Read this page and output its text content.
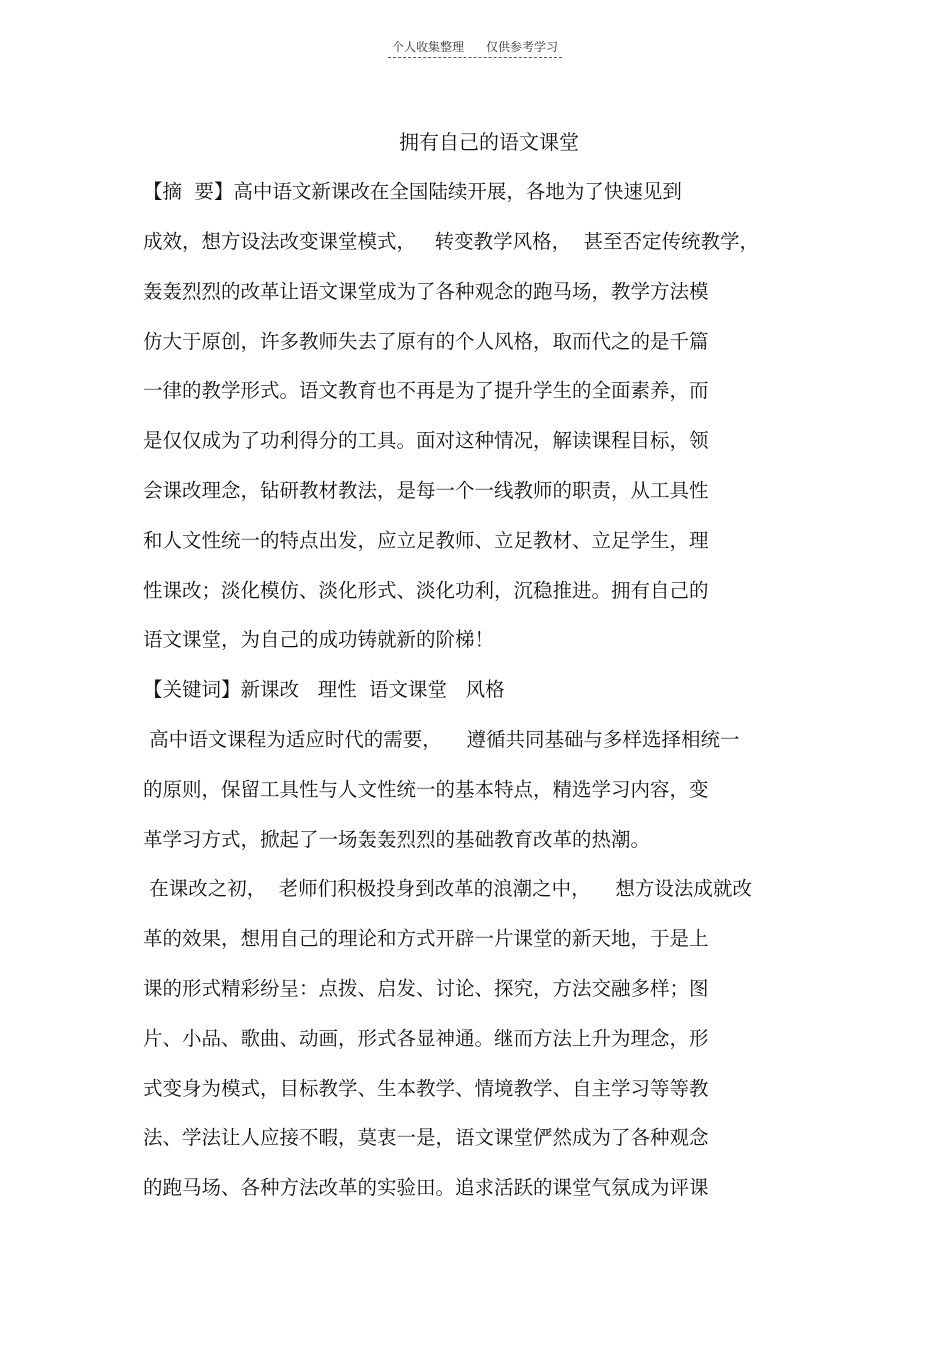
个人收集整理 仅供参考学习
拥有自己的语文课堂
【摘  要】高中语文新课改在全国陆续开展，各地为了快速见到
成效，想方设法改变课堂模式，   转变教学风格，  甚至否定传统教学，
轰轰烈烈的改革让语文课堂成为了各种观念的跑马场，教学方法模
仿大于原创，许多教师失去了原有的个人风格，取而代之的是千篇
一律的教学形式。语文教育也不再是为了提升学生的全面素养，而
是仅仅成为了功利得分的工具。面对这种情况，解读课程目标，领
会课改理念，钻研教材教法，是每一个一线教师的职责，从工具性
和人文性统一的特点出发，应立足教师、立足教材、立足学生，理
性课改；淡化模仿、淡化形式、淡化功利，沉稳推进。拥有自己的
语文课堂，为自己的成功铸就新的阶梯！
【关键词】新课改   理性  语文课堂   风格
高中语文课程为适应时代的需要，    遵循共同基础与多样选择相统一
的原则，保留工具性与人文性统一的基本特点，精选学习内容，变
革学习方式，掀起了一场轰轰烈烈的基础教育改革的热潮。
在课改之初，  老师们积极投身到改革的浪潮之中，    想方设法成就改
革的效果，想用自己的理论和方式开辟一片课堂的新天地，于是上
课的形式精彩纷呈：点拨、启发、讨论、探究，方法交融多样；图
片、小品、歌曲、动画，形式各显神通。继而方法上升为理念，形
式变身为模式，目标教学、生本教学、情境教学、自主学习等等教
法、学法让人应接不暇，莫衷一是，语文课堂俨然成为了各种观念
的跑马场、各种方法改革的实验田。追求活跃的课堂气氛成为评课
